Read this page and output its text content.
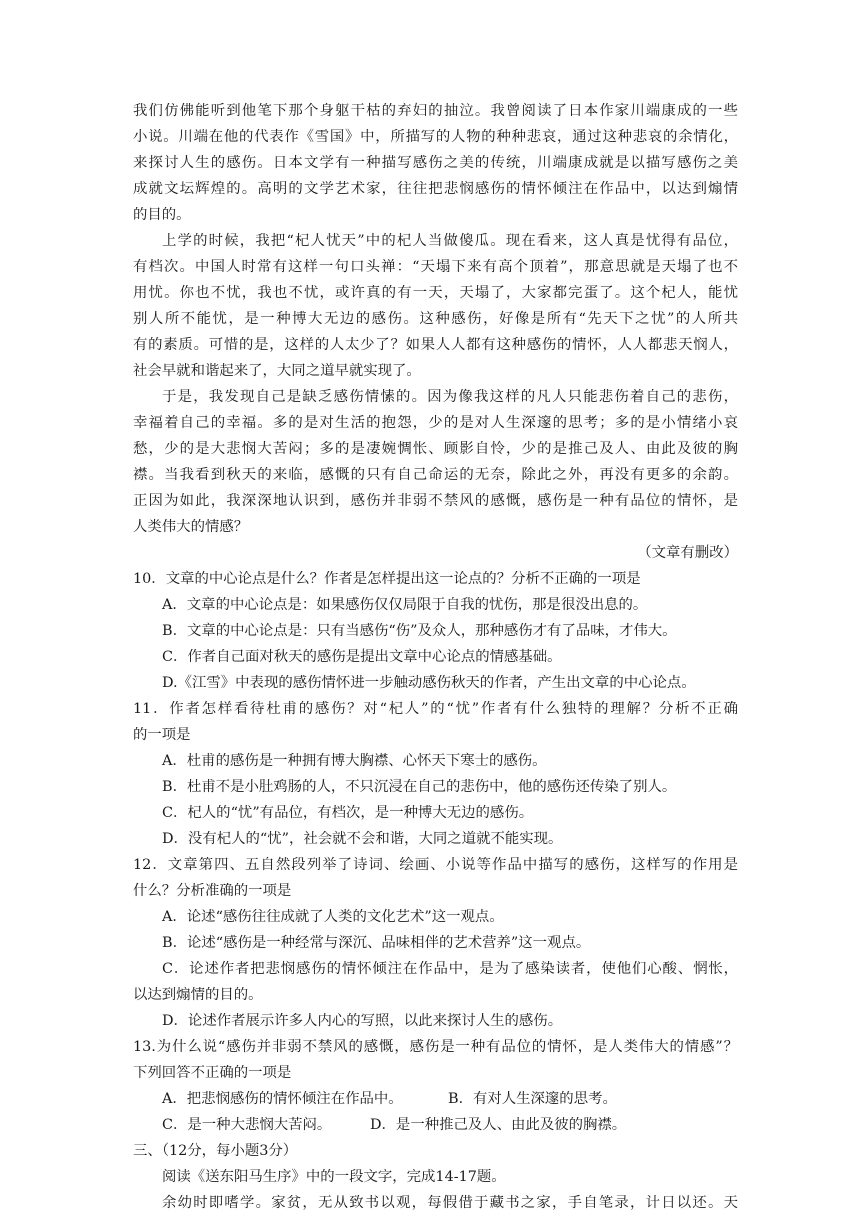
我们仿佛能听到他笔下那个身躯干枯的弃妇的抽泣。我曾阅读了日本作家川端康成的一些
小说。川端在他的代表作《雪国》中，所描写的人物的种种悲哀，通过这种悲哀的余情化，
来探讨人生的感伤。日本文学有一种描写感伤之美的传统，川端康成就是以描写感伤之美
成就文坛辉煌的。高明的文学艺术家，往往把悲悯感伤的情怀倾注在作品中，以达到煽情
的目的。
上学的时候，我把“杞人忧天”中的杞人当做傻瓜。现在看来，这人真是忧得有品位，
有档次。中国人时常有这样一句口头禅：“天塌下来有高个顶着”，那意思就是天塌了也不
用忧。你也不忧，我也不忧，或许真的有一天，天塌了，大家都完蛋了。这个杞人，能忧
别人所不能忧，是一种博大无边的感伤。这种感伤，好像是所有“先天下之忧”的人所共
有的素质。可惜的是，这样的人太少了？如果人人都有这种感伤的情怀，人人都悲天悯人，
社会早就和谐起来了，大同之道早就实现了。
于是，我发现自己是缺乏感伤情愫的。因为像我这样的凡人只能悲伤着自己的悲伤，
幸福着自己的幸福。多的是对生活的抱怨，少的是对人生深邃的思考；多的是小情绪小哀
愁，少的是大悲悯大苦闷；多的是凄婉惆怅、顾影自怜，少的是推己及人、由此及彼的胸
襟。当我看到秋天的来临，感慨的只有自己命运的无奈，除此之外，再没有更多的余韵。
正因为如此，我深深地认识到，感伤并非弱不禁风的感慨，感伤是一种有品位的情怀，是
人类伟大的情感？
（文章有删改）
10．文章的中心论点是什么？作者是怎样提出这一论点的？分析不正确的一项是
A．文章的中心论点是：如果感伤仅仅局限于自我的忧伤，那是很没出息的。
B．文章的中心论点是：只有当感伤“伤”及众人，那种感伤才有了品味，才伟大。
C．作者自己面对秋天的感伤是提出文章中心论点的情感基础。
D.《江雪》中表现的感伤情怀进一步触动感伤秋天的作者，产生出文章的中心论点。
11．作者怎样看待杜甫的感伤？对“杞人”的“忧”作者有什么独特的理解？分析不正确
的一项是
A．杜甫的感伤是一种拥有博大胸襟、心怀天下寒士的感伤。
B．杜甫不是小肚鸡肠的人，不只沉浸在自己的悲伤中，他的感伤还传染了别人。
C．杞人的“忧”有品位，有档次，是一种博大无边的感伤。
D．没有杞人的“忧”，社会就不会和谐，大同之道就不能实现。
12．文章第四、五自然段列举了诗词、绘画、小说等作品中描写的感伤，这样写的作用是
什么？分析准确的一项是
A．论述“感伤往往成就了人类的文化艺术”这一观点。
B．论述“感伤是一种经常与深沉、品味相伴的艺术营养”这一观点。
C．论述作者把悲悯感伤的情怀倾注在作品中，是为了感染读者，使他们心酸、惘怅，
以达到煽情的目的。
D．论述作者展示许多人内心的写照，以此来探讨人生的感伤。
13.为什么说“感伤并非弱不禁风的感慨，感伤是一种有品位的情怀，是人类伟大的情感”？
下列回答不正确的一项是
A．把悲悯感伤的情怀倾注在作品中。	B．有对人生深邃的思考。
C．是一种大悲悯大苦闷。	D．是一种推己及人、由此及彼的胸襟。
三、（12分，每小题3分）
阅读《送东阳马生序》中的一段文字，完成14-17题。
余幼时即嗜学。家贫，无从致书以观，每假借于藏书之家，手自笔录，计日以还。天
